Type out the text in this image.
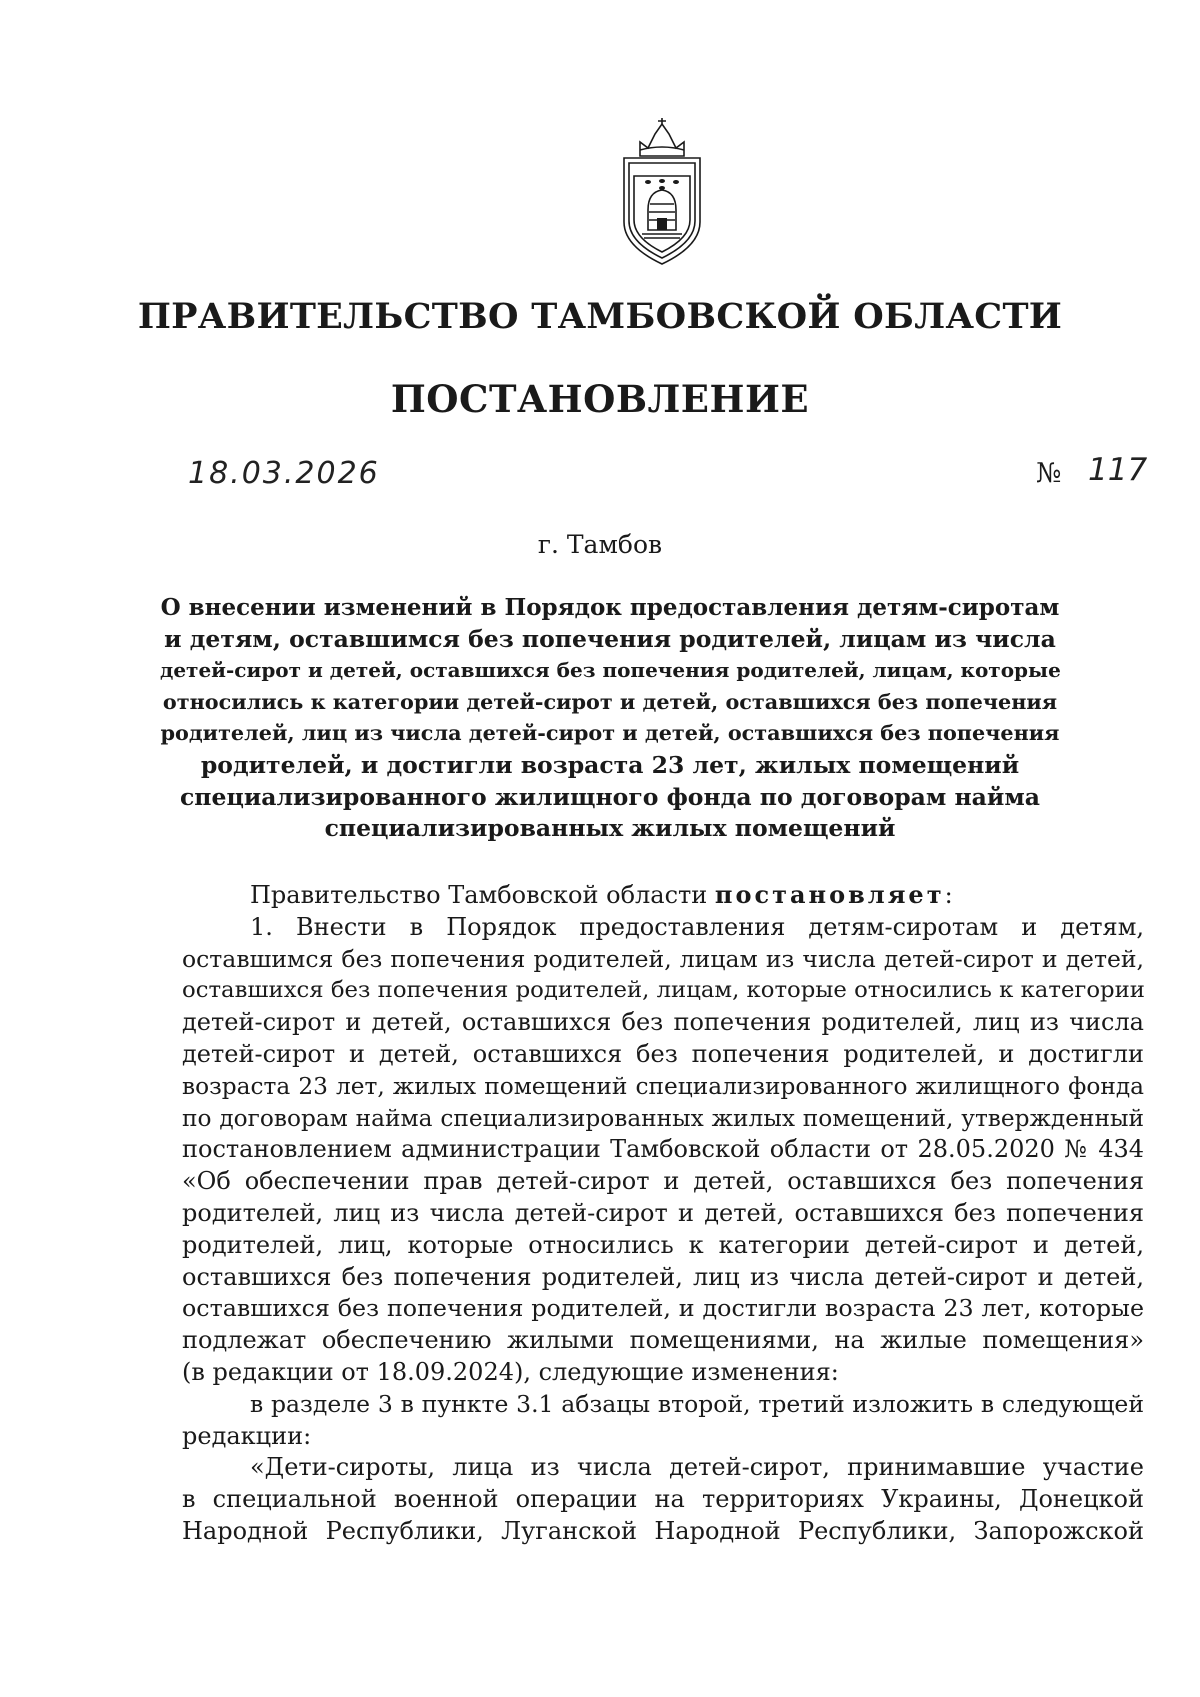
ПРАВИТЕЛЬСТВО ТАМБОВСКОЙ ОБЛАСТИ
ПОСТАНОВЛЕНИЕ
18.03.2026	№ 117
г. Тамбов
О внесении изменений в Порядок предоставления детям-сиротам
и детям, оставшимся без попечения родителей, лицам из числа
детей-сирот и детей, оставшихся без попечения родителей, лицам, которые
относились к категории детей-сирот и детей, оставшихся без попечения
родителей, лиц из числа детей-сирот и детей, оставшихся без попечения
родителей, и достигли возраста 23 лет, жилых помещений
специализированного жилищного фонда по договорам найма
специализированных жилых помещений
Правительство Тамбовской области постановляет:
1. Внести в Порядок предоставления детям-сиротам и детям,
оставшимся без попечения родителей, лицам из числа детей-сирот и детей,
оставшихся без попечения родителей, лицам, которые относились к категории
детей-сирот и детей, оставшихся без попечения родителей, лиц из числа
детей-сирот и детей, оставшихся без попечения родителей, и достигли
возраста 23 лет, жилых помещений специализированного жилищного фонда
по договорам найма специализированных жилых помещений, утвержденный
постановлением администрации Тамбовской области от 28.05.2020 № 434
«Об обеспечении прав детей-сирот и детей, оставшихся без попечения
родителей, лиц из числа детей-сирот и детей, оставшихся без попечения
родителей, лиц, которые относились к категории детей-сирот и детей,
оставшихся без попечения родителей, лиц из числа детей-сирот и детей,
оставшихся без попечения родителей, и достигли возраста 23 лет, которые
подлежат обеспечению жилыми помещениями, на жилые помещения»
(в редакции от 18.09.2024), следующие изменения:
в разделе 3 в пункте 3.1 абзацы второй, третий изложить в следующей
редакции:
«Дети-сироты, лица из числа детей-сирот, принимавшие участие
в специальной военной операции на территориях Украины, Донецкой
Народной Республики, Луганской Народной Республики, Запорожской
